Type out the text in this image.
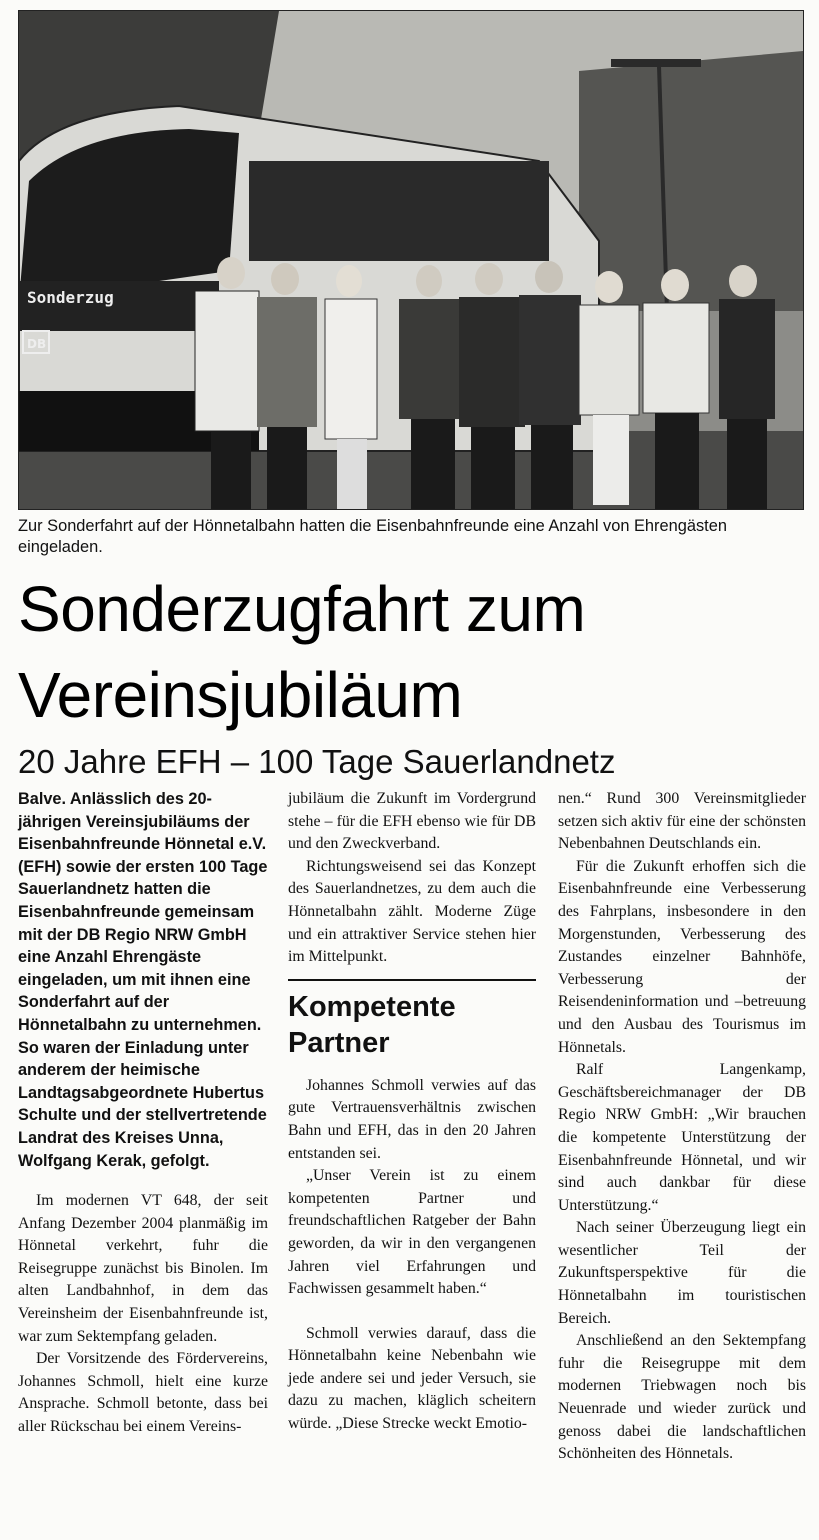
Sonderzug
DB

Zur Sonderfahrt auf der Hönnetalbahn hatten die Eisenbahnfreunde eine Anzahl von Ehrengästen eingeladen.

Sonderzugfahrt zum Vereinsjubiläum
20 Jahre EFH – 100 Tage Sauerlandnetz

Balve. Anlässlich des 20-jährigen Vereinsjubiläums der Eisenbahnfreunde Hönnetal e.V. (EFH) sowie der ersten 100 Tage Sauerlandnetz hatten die Eisenbahnfreunde gemeinsam mit der DB Regio NRW GmbH eine Anzahl Ehrengäste eingeladen, um mit ihnen eine Sonderfahrt auf der Hönnetalbahn zu unternehmen. So waren der Einladung unter anderem der heimische Landtagsabgeordnete Hubertus Schulte und der stellvertretende Landrat des Kreises Unna, Wolfgang Kerak, gefolgt.

Im modernen VT 648, der seit Anfang Dezember 2004 planmäßig im Hönnetal verkehrt, fuhr die Reisegruppe zunächst bis Binolen. Im alten Landbahnhof, in dem das Vereinsheim der Eisenbahnfreunde ist, war zum Sektempfang geladen.

Der Vorsitzende des Fördervereins, Johannes Schmoll, hielt eine kurze Ansprache. Schmoll betonte, dass bei aller Rückschau bei einem Vereins-

jubiläum die Zukunft im Vordergrund stehe – für die EFH ebenso wie für DB und den Zweckverband.

Richtungsweisend sei das Konzept des Sauerlandnetzes, zu dem auch die Hönnetalbahn zählt. Moderne Züge und ein attraktiver Service stehen hier im Mittelpunkt.

Kompetente Partner

Johannes Schmoll verwies auf das gute Vertrauensverhältnis zwischen Bahn und EFH, das in den 20 Jahren entstanden sei.

„Unser Verein ist zu einem kompetenten Partner und freundschaftlichen Ratgeber der Bahn geworden, da wir in den vergangenen Jahren viel Erfahrungen und Fachwissen gesammelt haben.“

Schmoll verwies darauf, dass die Hönnetalbahn keine Nebenbahn wie jede andere sei und jeder Versuch, sie dazu zu machen, kläglich scheitern würde. „Diese Strecke weckt Emotio-

nen.“ Rund 300 Vereinsmitglieder setzen sich aktiv für eine der schönsten Nebenbahnen Deutschlands ein.

Für die Zukunft erhoffen sich die Eisenbahnfreunde eine Verbesserung des Fahrplans, insbesondere in den Morgenstunden, Verbesserung des Zustandes einzelner Bahnhöfe, Verbesserung der Reisendeninformation und –betreuung und den Ausbau des Tourismus im Hönnetals.

Ralf Langenkamp, Geschäftsbereichmanager der DB Regio NRW GmbH: „Wir brauchen die kompetente Unterstützung der Eisenbahnfreunde Hönnetal, und wir sind auch dankbar für diese Unterstützung.“

Nach seiner Überzeugung liegt ein wesentlicher Teil der Zukunftsperspektive für die Hönnetalbahn im touristischen Bereich.

Anschließend an den Sektempfang fuhr die Reisegruppe mit dem modernen Triebwagen noch bis Neuenrade und wieder zurück und genoss dabei die landschaftlichen Schönheiten des Hönnetals.
